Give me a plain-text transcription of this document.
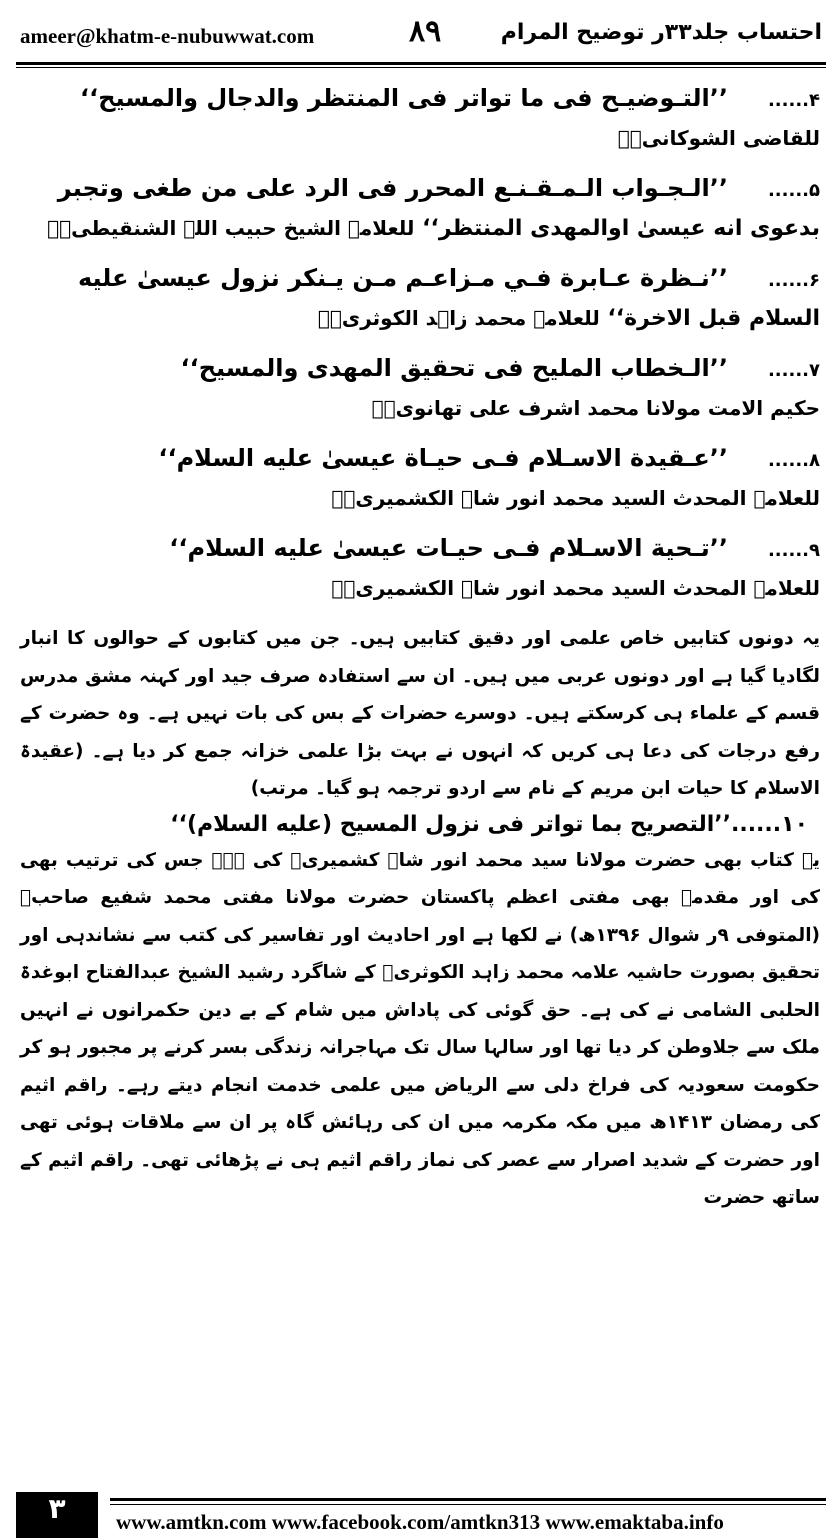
ameer@khatm-e-nubuwwat.com	٨٩	احتساب جلد۳۳ر توضیح المرام
۴......’’التـوضيـح فى ما تواتر فى المنتظر والدجال والمسيح‘‘
للقاضی الشوکانیؒ۔
۵......’’الـجـواب الـمـقـنـع المحرر فى الرد على من طغى وتجبر
بدعوى انه عيسىٰ اوالمهدى المنتظر‘‘ للعلامہ الشیخ حبیب اللہ الشنقیطیؒ۔
۶......’’نـظرة عـابرة فـي مـزاعـم مـن يـنكر نزول عيسىٰ عليه
السلام قبل الاخرة‘‘ للعلامہ محمد زاہد الکوثریؒ۔
۷......’’الـخطاب المليح فى تحقيق المهدى والمسيح‘‘
حکیم الامت مولانا محمد اشرف علی تھانویؒ۔
۸......’’عـقيدة الاسـلام فـى حيـاة عيسىٰ عليه السلام‘‘
للعلامہ المحدث السید محمد انور شاہ الکشمیریؒ۔
۹......’’تـحية الاسـلام فـى حيـات عيسىٰ عليه السلام‘‘
للعلامہ المحدث السید محمد انور شاہ الکشمیریؒ۔

یہ دونوں کتابیں خاص علمی اور دقیق کتابیں ہیں۔ جن میں کتابوں کے حوالوں کا انبار لگادیا گیا ہے اور دونوں عربی میں ہیں۔ ان سے استفادہ صرف جید اور کہنہ مشق مدرس قسم کے علماء ہی کرسکتے ہیں۔ دوسرے حضرات کے بس کی بات نہیں ہے۔ وہ حضرت کے رفع درجات کی دعا ہی کریں کہ انہوں نے بہت بڑا علمی خزانہ جمع کر دیا ہے۔ (عقیدۃ الاسلام کا حیات ابن مریم کے نام سے اردو ترجمہ ہو گیا۔ مرتب)

۱۰......’’التصريح بما تواتر فى نزول المسيح (عليه السلام)‘‘

یہ کتاب بھی حضرت مولانا سید محمد انور شاہ کشمیریؒ کی ہے۔ جس کی ترتیب بھی کی اور مقدمہ بھی مفتی اعظم پاکستان حضرت مولانا مفتی محمد شفیع صاحبؒ (المتوفی ۹ر شوال ۱۳۹۶ھ) نے لکھا ہے اور احادیث اور تفاسیر کی کتب سے نشاندہی اور تحقیق بصورت حاشیہ علامہ محمد زاہد الکوثریؒ کے شاگرد رشید الشیخ عبدالفتاح ابوغدۃ الحلبی الشامی نے کی ہے۔ حق گوئی کی پاداش میں شام کے بے دین حکمرانوں نے انہیں ملک سے جلاوطن کر دیا تھا اور سالہا سال تک مہاجرانہ زندگی بسر کرنے پر مجبور ہو کر حکومت سعودیہ کی فراخ دلی سے الریاض میں علمی خدمت انجام دیتے رہے۔ راقم اثیم کی رمضان ۱۴۱۳ھ میں مکہ مکرمہ میں ان کی رہائش گاہ پر ان سے ملاقات ہوئی تھی اور حضرت کے شدید اصرار سے عصر کی نماز راقم اثیم ہی نے پڑھائی تھی۔ راقم اثیم کے ساتھ حضرت

۳	www.amtkn.com www.facebook.com/amtkn313 www.emaktaba.info
